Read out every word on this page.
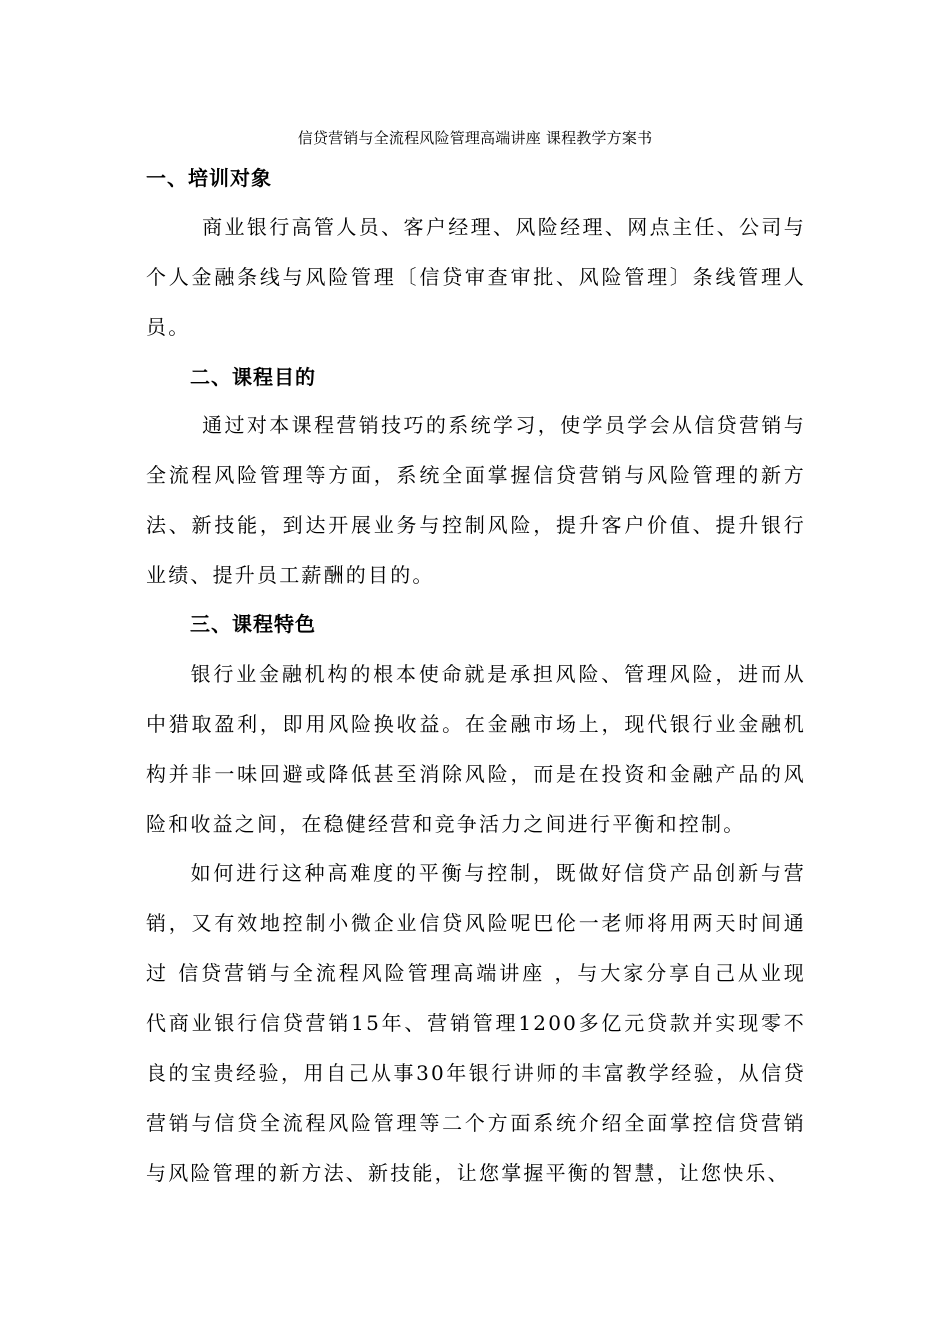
信贷营销与全流程风险管理高端讲座 课程教学方案书
一、培训对象

商业银行高管人员、客户经理、风险经理、网点主任、公司与个人金融条线与风险管理〔信贷审查审批、风险管理〕条线管理人员。

二、课程目的

通过对本课程营销技巧的系统学习，使学员学会从信贷营销与全流程风险管理等方面，系统全面掌握信贷营销与风险管理的新方法、新技能，到达开展业务与控制风险，提升客户价值、提升银行业绩、提升员工薪酬的目的。

三、课程特色

银行业金融机构的根本使命就是承担风险、管理风险，进而从中猎取盈利，即用风险换收益。在金融市场上，现代银行业金融机构并非一味回避或降低甚至消除风险，而是在投资和金融产品的风险和收益之间，在稳健经营和竞争活力之间进行平衡和控制。

如何进行这种高难度的平衡与控制，既做好信贷产品创新与营销，又有效地控制小微企业信贷风险呢巴伦一老师将用两天时间通过 信贷营销与全流程风险管理高端讲座 ，与大家分享自己从业现代商业银行信贷营销15年、营销管理1200多亿元贷款并实现零不良的宝贵经验，用自己从事30年银行讲师的丰富教学经验，从信贷营销与信贷全流程风险管理等二个方面系统介绍全面掌控信贷营销与风险管理的新方法、新技能，让您掌握平衡的智慧，让您快乐、
